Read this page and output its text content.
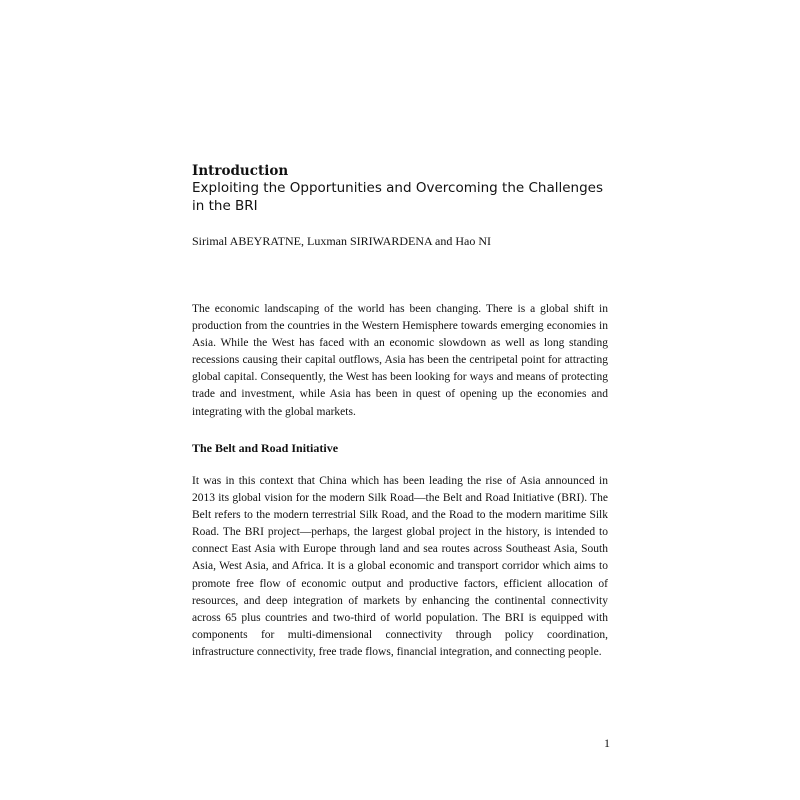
Introduction
Exploiting the Opportunities and Overcoming the Challenges
in the BRI

Sirimal ABEYRATNE, Luxman SIRIWARDENA and Hao NI

The economic landscaping of the world has been changing. There is a global shift in production from the countries in the Western Hemisphere towards emerging economies in Asia. While the West has faced with an economic slowdown as well as long standing recessions causing their capital outflows, Asia has been the centripetal point for attracting global capital. Consequently, the West has been looking for ways and means of protecting trade and investment, while Asia has been in quest of opening up the economies and integrating with the global markets.

The Belt and Road Initiative

It was in this context that China which has been leading the rise of Asia announced in 2013 its global vision for the modern Silk Road—the Belt and Road Initiative (BRI). The Belt refers to the modern terrestrial Silk Road, and the Road to the modern maritime Silk Road. The BRI project—perhaps, the largest global project in the history, is intended to connect East Asia with Europe through land and sea routes across Southeast Asia, South Asia, West Asia, and Africa. It is a global economic and transport corridor which aims to promote free flow of economic output and productive factors, efficient allocation of resources, and deep integration of markets by enhancing the continental connectivity across 65 plus countries and two-third of world population. The BRI is equipped with components for multi-dimensional connectivity through policy coordination, infrastructure connectivity, free trade flows, financial integration, and connecting people.

1
